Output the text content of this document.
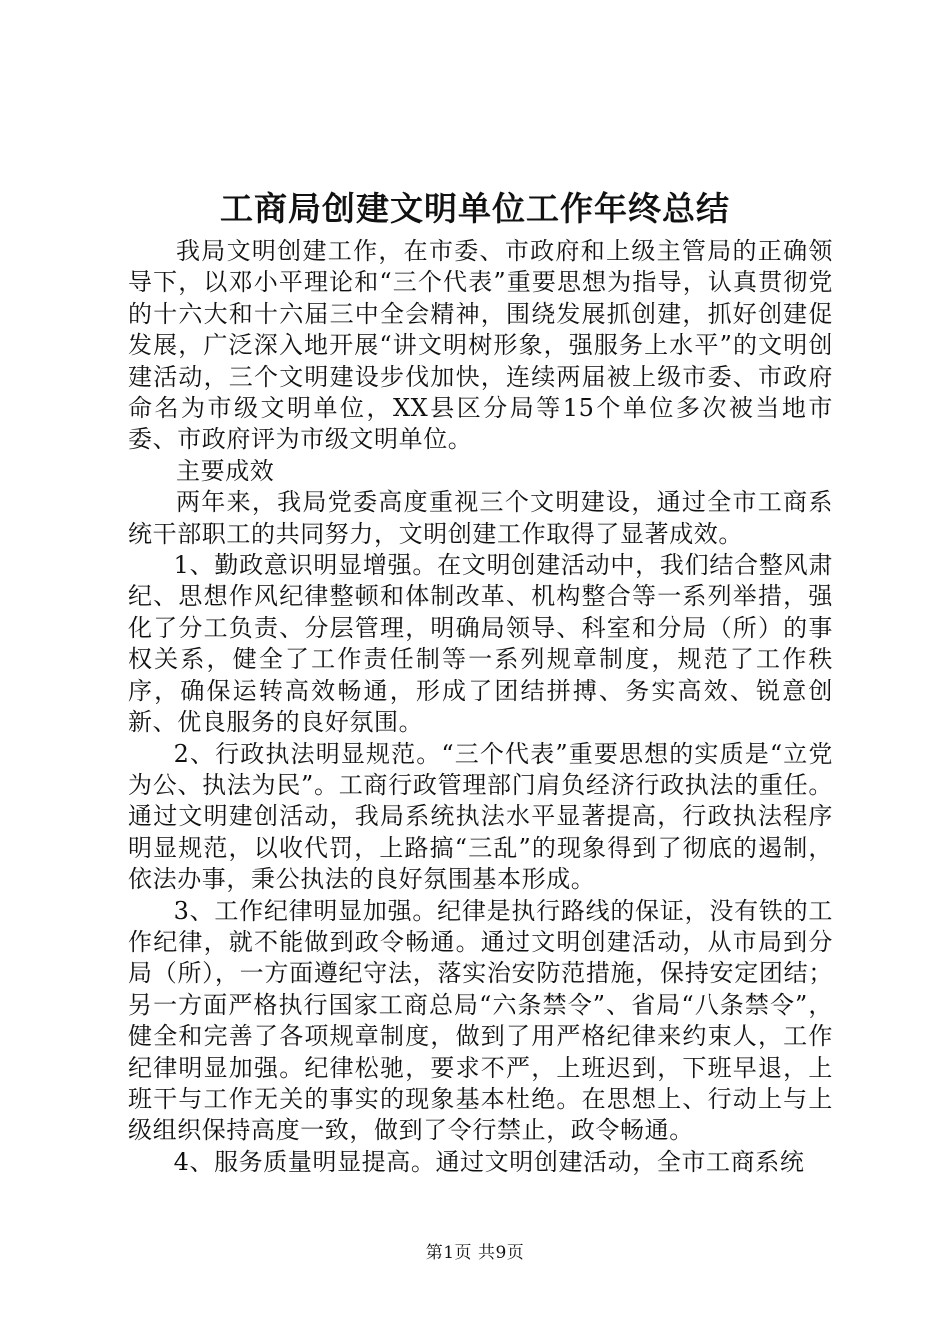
工商局创建文明单位工作年终总结

我局文明创建工作，在市委、市政府和上级主管局的正确领导下，以邓小平理论和“三个代表”重要思想为指导，认真贯彻党的十六大和十六届三中全会精神，围绕发展抓创建，抓好创建促发展，广泛深入地开展“讲文明树形象，强服务上水平”的文明创建活动，三个文明建设步伐加快，连续两届被上级市委、市政府命名为市级文明单位，XX县区分局等15个单位多次被当地市委、市政府评为市级文明单位。

主要成效

两年来，我局党委高度重视三个文明建设，通过全市工商系统干部职工的共同努力，文明创建工作取得了显著成效。

1、勤政意识明显增强。在文明创建活动中，我们结合整风肃纪、思想作风纪律整顿和体制改革、机构整合等一系列举措，强化了分工负责、分层管理，明确局领导、科室和分局（所）的事权关系，健全了工作责任制等一系列规章制度，规范了工作秩序，确保运转高效畅通，形成了团结拼搏、务实高效、锐意创新、优良服务的良好氛围。

2、行政执法明显规范。“三个代表”重要思想的实质是“立党为公、执法为民”。工商行政管理部门肩负经济行政执法的重任。通过文明建创活动，我局系统执法水平显著提高，行政执法程序明显规范，以收代罚，上路搞“三乱”的现象得到了彻底的遏制，依法办事，秉公执法的良好氛围基本形成。

3、工作纪律明显加强。纪律是执行路线的保证，没有铁的工作纪律，就不能做到政令畅通。通过文明创建活动，从市局到分局（所），一方面遵纪守法，落实治安防范措施，保持安定团结；另一方面严格执行国家工商总局“六条禁令”、省局“八条禁令”，健全和完善了各项规章制度，做到了用严格纪律来约束人，工作纪律明显加强。纪律松驰，要求不严，上班迟到，下班早退，上班干与工作无关的事实的现象基本杜绝。在思想上、行动上与上级组织保持高度一致，做到了令行禁止，政令畅通。

4、服务质量明显提高。通过文明创建活动，全市工商系统

第1页 共9页
